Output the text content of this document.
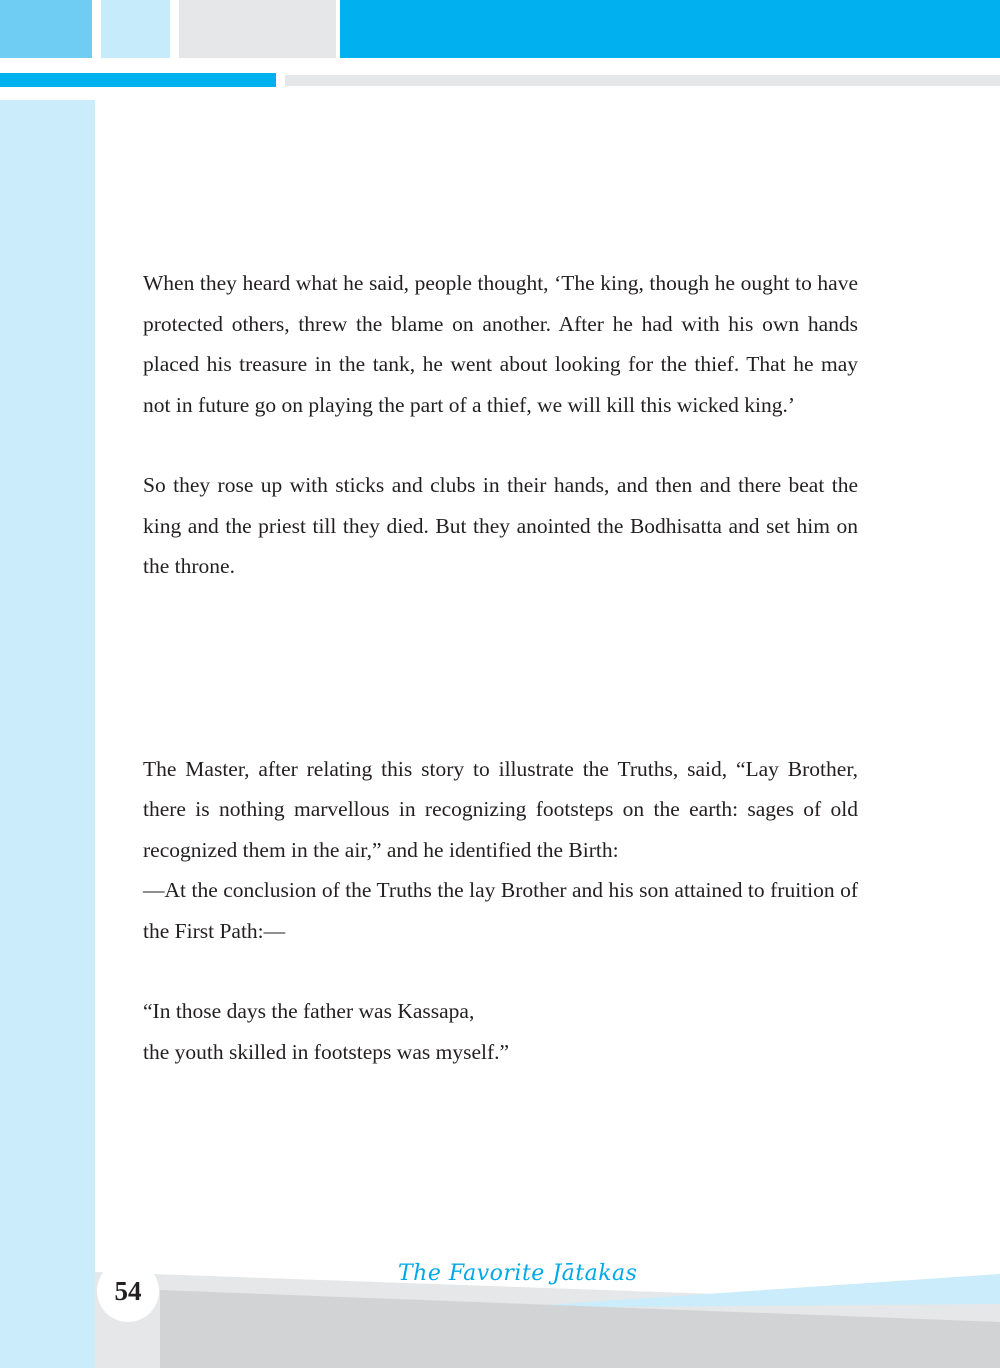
When they heard what he said, people thought, ‘The king, though he ought to have protected others, threw the blame on another. After he had with his own hands placed his treasure in the tank, he went about looking for the thief. That he may not in future go on playing the part of a thief, we will kill this wicked king.’

So they rose up with sticks and clubs in their hands, and then and there beat the king and the priest till they died. But they anointed the Bodhisatta and set him on the throne.

The Master, after relating this story to illustrate the Truths, said, “Lay Brother, there is nothing marvellous in recognizing footsteps on the earth: sages of old recognized them in the air,” and he identified the Birth:

—At the conclusion of the Truths the lay Brother and his son attained to fruition of the First Path:—

“In those days the father was Kassapa,
the youth skilled in footsteps was myself.”

The Favorite Jātakas
54
